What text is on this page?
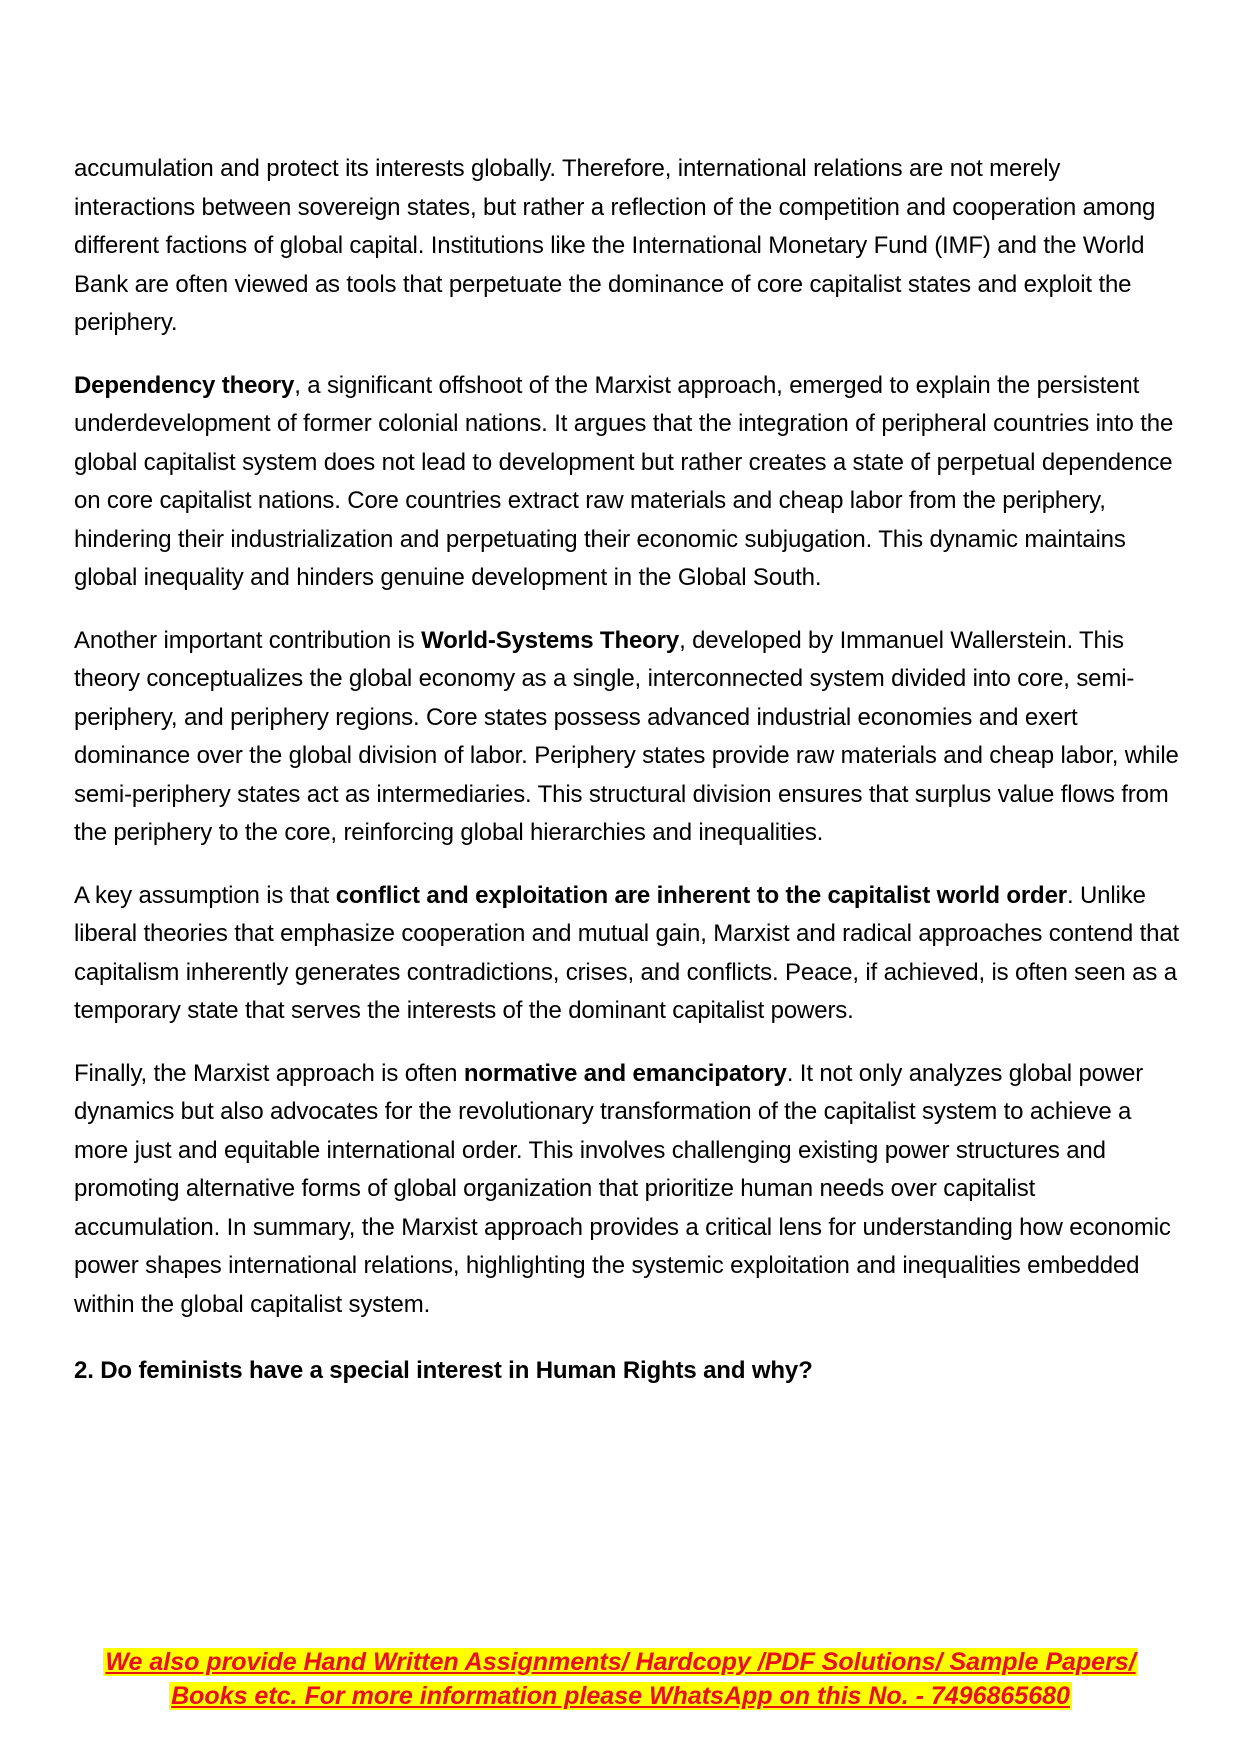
accumulation and protect its interests globally. Therefore, international relations are not merely interactions between sovereign states, but rather a reflection of the competition and cooperation among different factions of global capital. Institutions like the International Monetary Fund (IMF) and the World Bank are often viewed as tools that perpetuate the dominance of core capitalist states and exploit the periphery.

Dependency theory, a significant offshoot of the Marxist approach, emerged to explain the persistent underdevelopment of former colonial nations. It argues that the integration of peripheral countries into the global capitalist system does not lead to development but rather creates a state of perpetual dependence on core capitalist nations. Core countries extract raw materials and cheap labor from the periphery, hindering their industrialization and perpetuating their economic subjugation. This dynamic maintains global inequality and hinders genuine development in the Global South.

Another important contribution is World-Systems Theory, developed by Immanuel Wallerstein. This theory conceptualizes the global economy as a single, interconnected system divided into core, semi-periphery, and periphery regions. Core states possess advanced industrial economies and exert dominance over the global division of labor. Periphery states provide raw materials and cheap labor, while semi-periphery states act as intermediaries. This structural division ensures that surplus value flows from the periphery to the core, reinforcing global hierarchies and inequalities.

A key assumption is that conflict and exploitation are inherent to the capitalist world order. Unlike liberal theories that emphasize cooperation and mutual gain, Marxist and radical approaches contend that capitalism inherently generates contradictions, crises, and conflicts. Peace, if achieved, is often seen as a temporary state that serves the interests of the dominant capitalist powers.

Finally, the Marxist approach is often normative and emancipatory. It not only analyzes global power dynamics but also advocates for the revolutionary transformation of the capitalist system to achieve a more just and equitable international order. This involves challenging existing power structures and promoting alternative forms of global organization that prioritize human needs over capitalist accumulation. In summary, the Marxist approach provides a critical lens for understanding how economic power shapes international relations, highlighting the systemic exploitation and inequalities embedded within the global capitalist system.

2. Do feminists have a special interest in Human Rights and why?

We also provide Hand Written Assignments/ Hardcopy /PDF Solutions/ Sample Papers/
Books etc. For more information please WhatsApp on this No. - 7496865680
